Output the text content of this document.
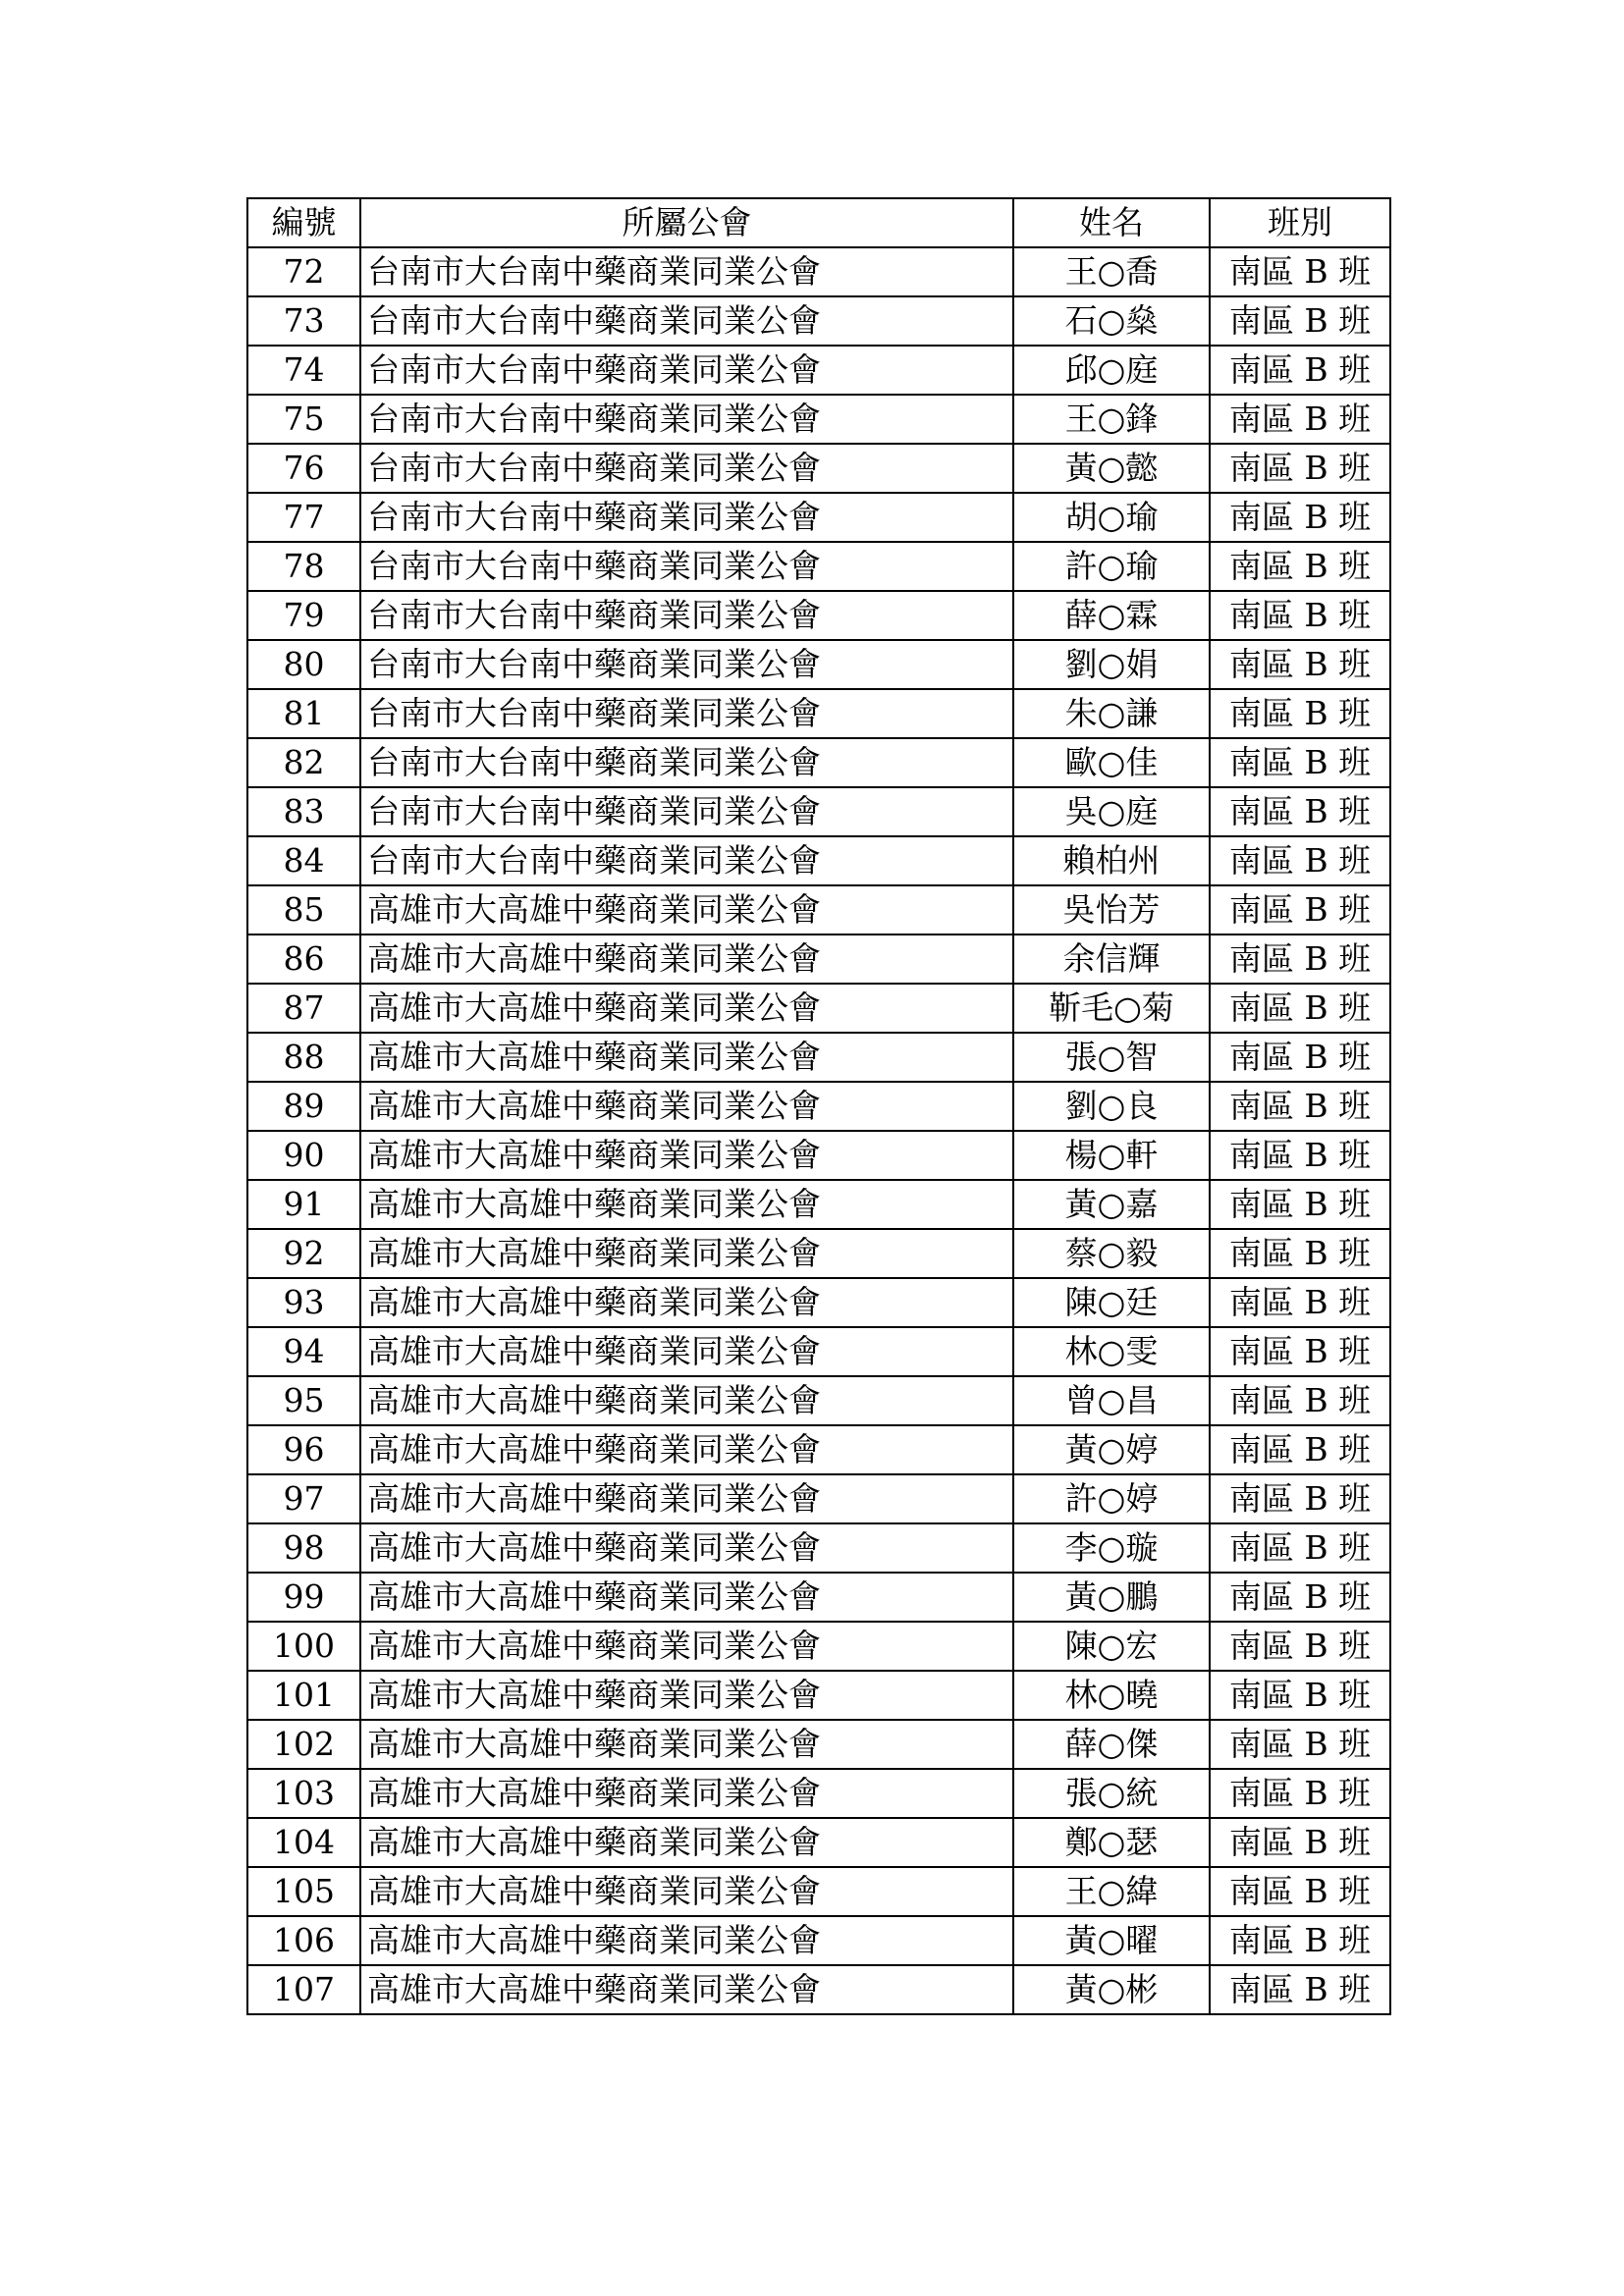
編號	所屬公會	姓名	班別
72	台南市大台南中藥商業同業公會	王○喬	南區 B 班
73	台南市大台南中藥商業同業公會	石○燊	南區 B 班
74	台南市大台南中藥商業同業公會	邱○庭	南區 B 班
75	台南市大台南中藥商業同業公會	王○鋒	南區 B 班
76	台南市大台南中藥商業同業公會	黃○懿	南區 B 班
77	台南市大台南中藥商業同業公會	胡○瑜	南區 B 班
78	台南市大台南中藥商業同業公會	許○瑜	南區 B 班
79	台南市大台南中藥商業同業公會	薛○霖	南區 B 班
80	台南市大台南中藥商業同業公會	劉○娟	南區 B 班
81	台南市大台南中藥商業同業公會	朱○謙	南區 B 班
82	台南市大台南中藥商業同業公會	歐○佳	南區 B 班
83	台南市大台南中藥商業同業公會	吳○庭	南區 B 班
84	台南市大台南中藥商業同業公會	賴柏州	南區 B 班
85	高雄市大高雄中藥商業同業公會	吳怡芳	南區 B 班
86	高雄市大高雄中藥商業同業公會	余信輝	南區 B 班
87	高雄市大高雄中藥商業同業公會	靳毛○菊	南區 B 班
88	高雄市大高雄中藥商業同業公會	張○智	南區 B 班
89	高雄市大高雄中藥商業同業公會	劉○良	南區 B 班
90	高雄市大高雄中藥商業同業公會	楊○軒	南區 B 班
91	高雄市大高雄中藥商業同業公會	黃○嘉	南區 B 班
92	高雄市大高雄中藥商業同業公會	蔡○毅	南區 B 班
93	高雄市大高雄中藥商業同業公會	陳○廷	南區 B 班
94	高雄市大高雄中藥商業同業公會	林○雯	南區 B 班
95	高雄市大高雄中藥商業同業公會	曾○昌	南區 B 班
96	高雄市大高雄中藥商業同業公會	黃○婷	南區 B 班
97	高雄市大高雄中藥商業同業公會	許○婷	南區 B 班
98	高雄市大高雄中藥商業同業公會	李○璇	南區 B 班
99	高雄市大高雄中藥商業同業公會	黃○鵬	南區 B 班
100	高雄市大高雄中藥商業同業公會	陳○宏	南區 B 班
101	高雄市大高雄中藥商業同業公會	林○曉	南區 B 班
102	高雄市大高雄中藥商業同業公會	薛○傑	南區 B 班
103	高雄市大高雄中藥商業同業公會	張○統	南區 B 班
104	高雄市大高雄中藥商業同業公會	鄭○瑟	南區 B 班
105	高雄市大高雄中藥商業同業公會	王○緯	南區 B 班
106	高雄市大高雄中藥商業同業公會	黃○曜	南區 B 班
107	高雄市大高雄中藥商業同業公會	黃○彬	南區 B 班
